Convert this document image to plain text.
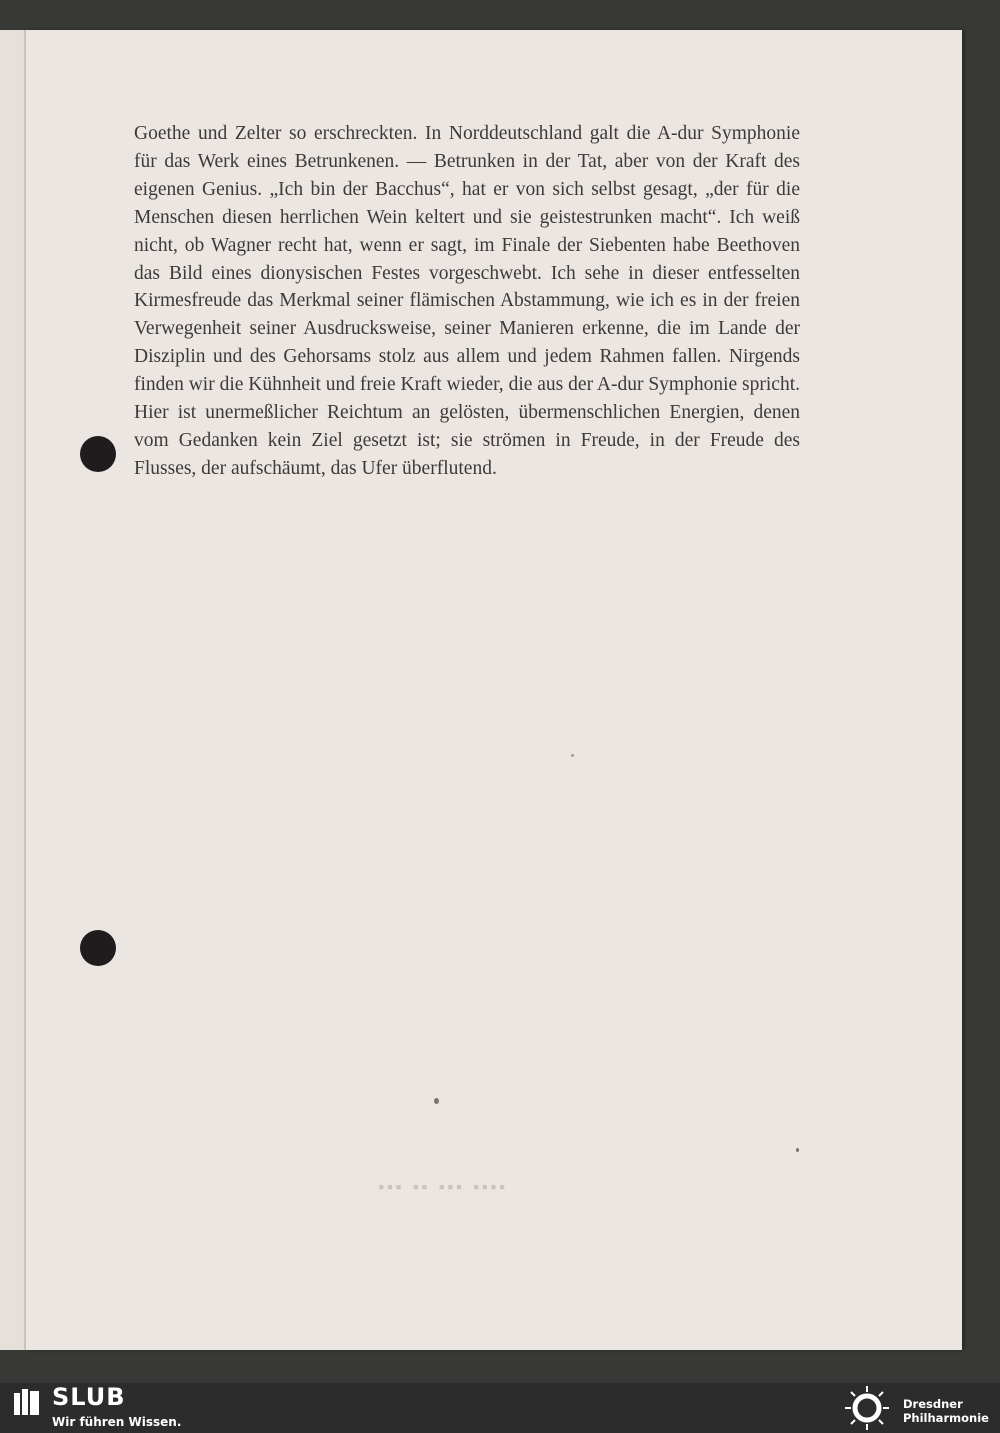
Goethe und Zelter so erschreckten. In Norddeutschland galt die A-dur Symphonie für das Werk eines Betrunkenen. — Betrunken in der Tat, aber von der Kraft des eigenen Genius. „Ich bin der Bacchus“, hat er von sich selbst gesagt, „der für die Menschen diesen herrlichen Wein keltert und sie geistestrunken macht“. Ich weiß nicht, ob Wagner recht hat, wenn er sagt, im Finale der Siebenten habe Beethoven das Bild eines dionysischen Festes vorgeschwebt. Ich sehe in dieser entfesselten Kirmesfreude das Merkmal seiner flämischen Abstammung, wie ich es in der freien Verwegenheit seiner Ausdrucksweise, seiner Manieren erkenne, die im Lande der Disziplin und des Gehorsams stolz aus allem und jedem Rahmen fallen. Nirgends finden wir die Kühnheit und freie Kraft wieder, die aus der A-dur Symphonie spricht. Hier ist unermeßlicher Reichtum an gelösten, übermenschlichen Energien, denen vom Gedanken kein Ziel gesetzt ist; sie strömen in Freude, in der Freude des Flusses, der aufschäumt, das Ufer überflutend.

▪▪▪ ▪▪ ▪▪▪ ▪▪▪▪
SLUB
Wir führen Wissen.
Dresdner
Philharmonie
